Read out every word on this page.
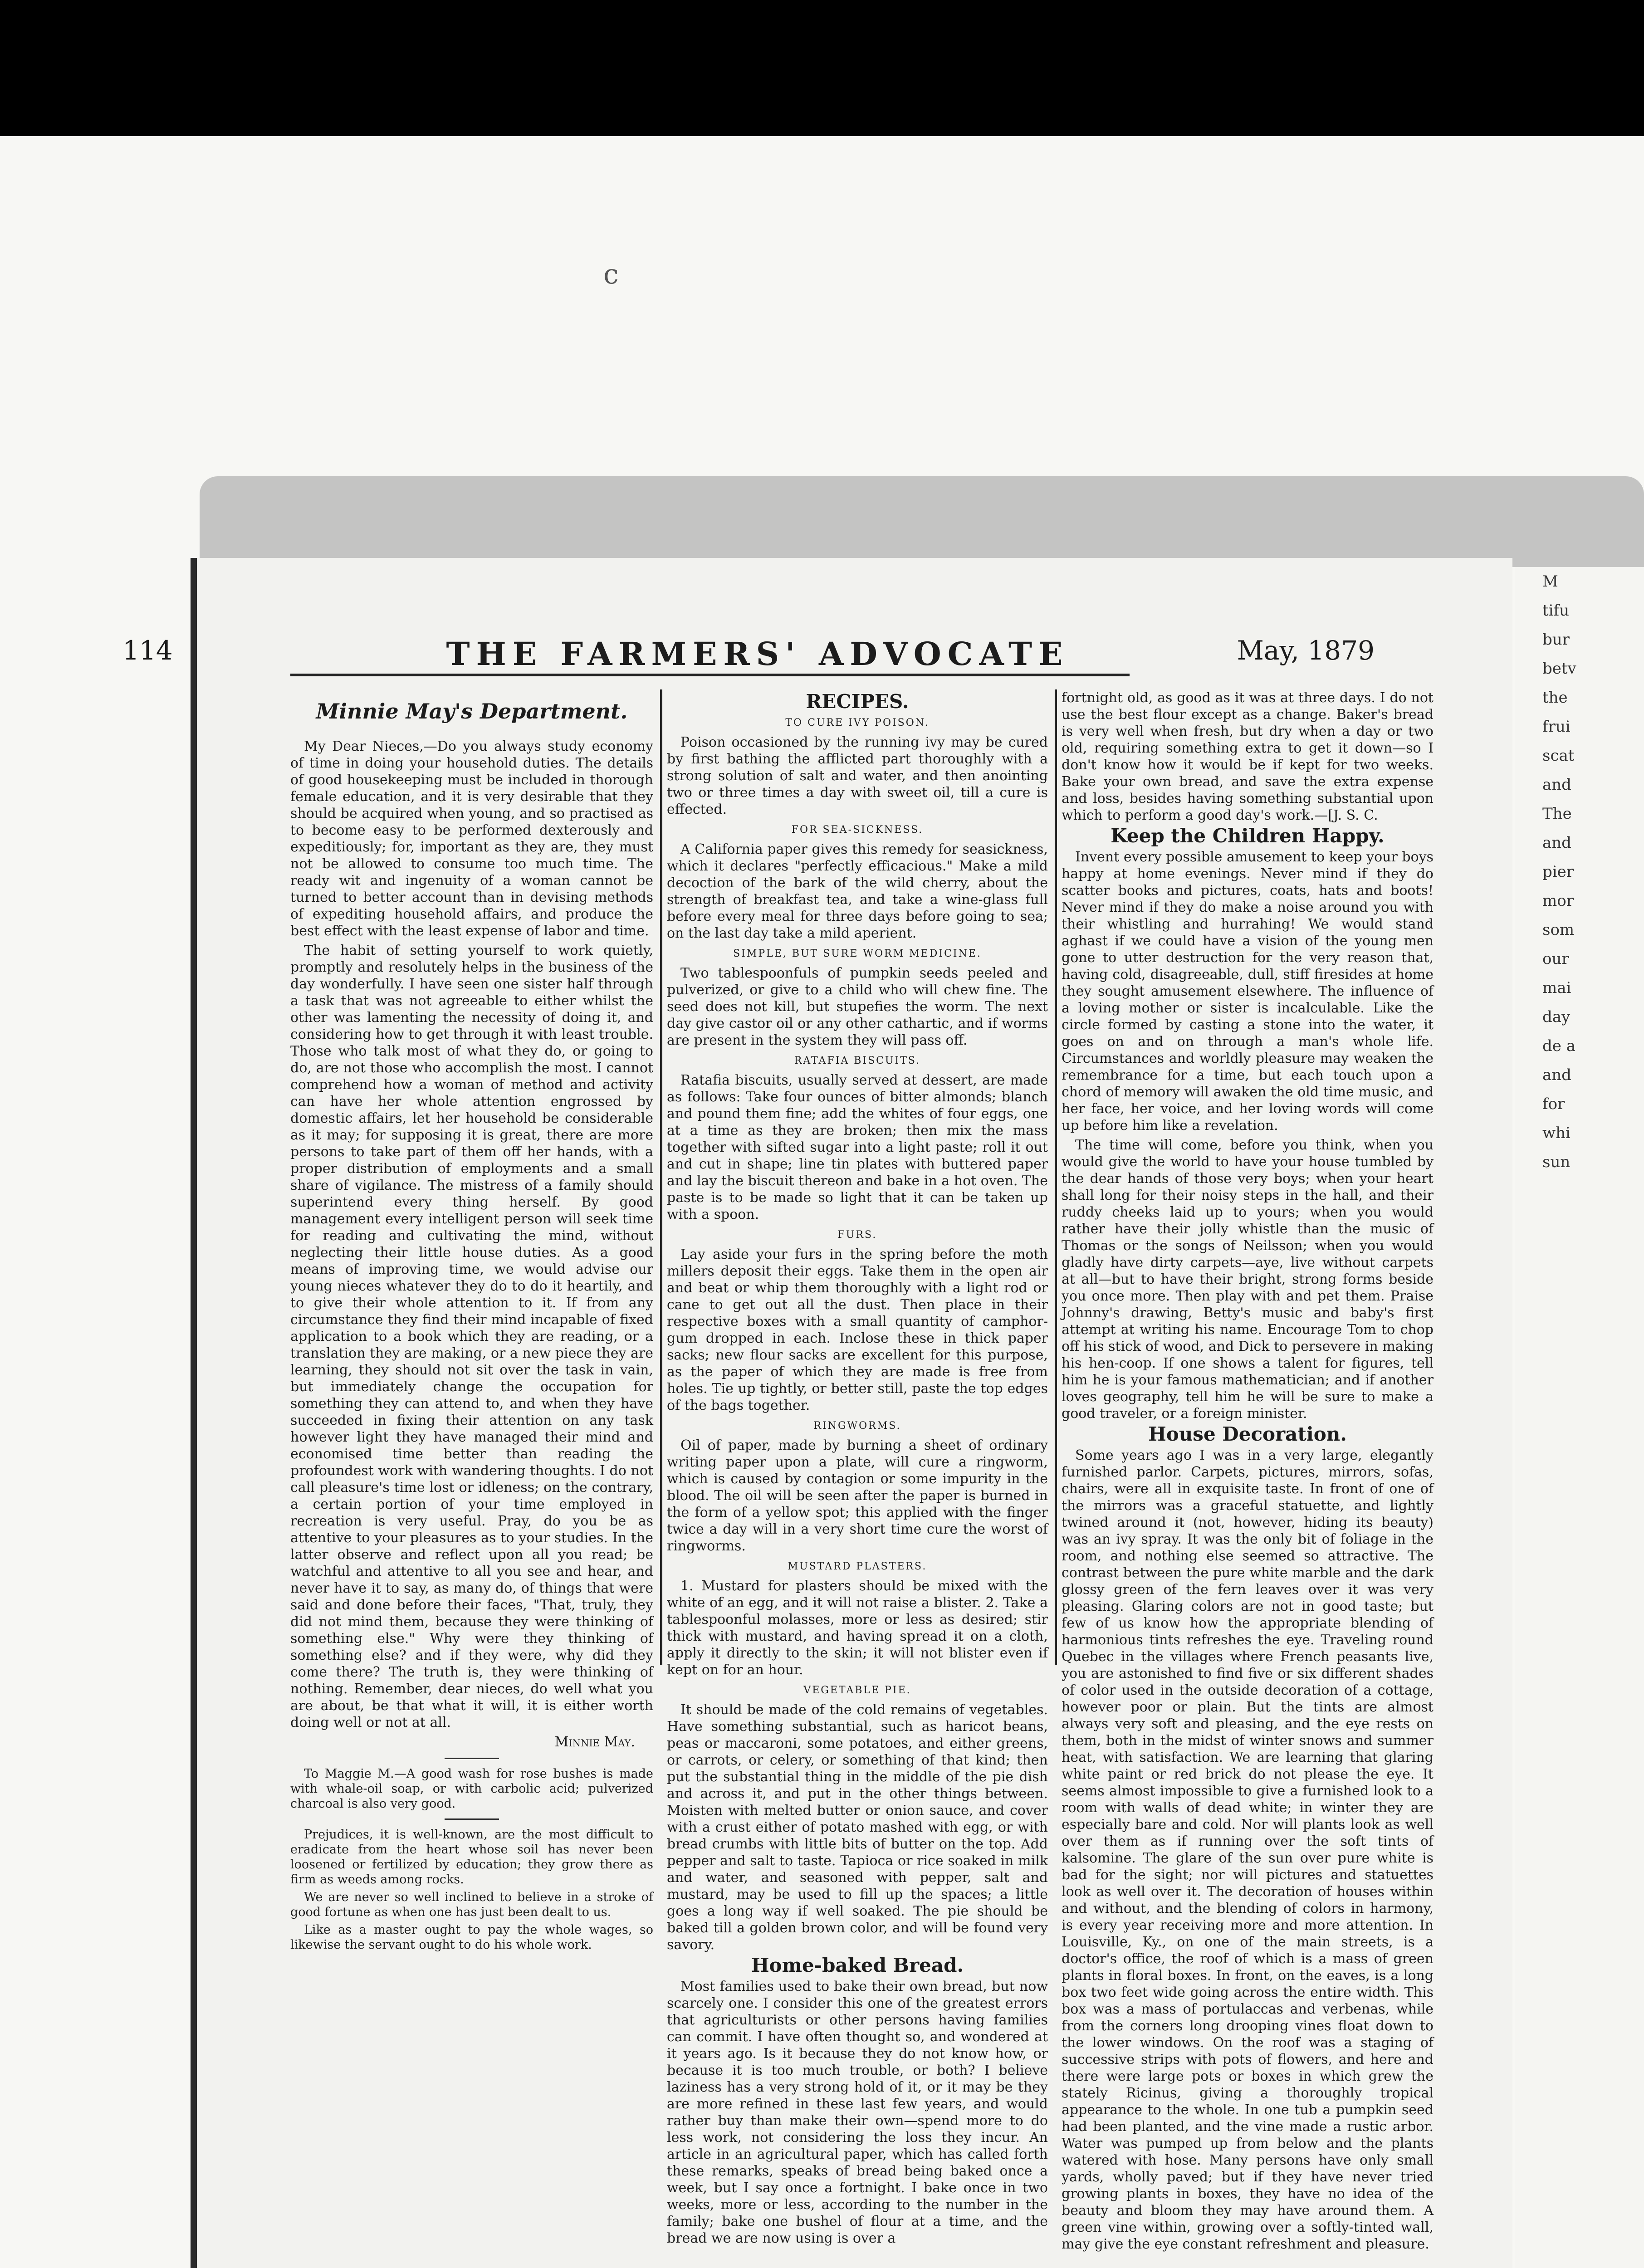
c
M
tifu
bur
betv
the
frui
scat
and
The
and
pier
mor
som
our
mai
day
de a
and
for
whi
sun
114	THE FARMERS' ADVOCATE	May, 1879
Minnie May's Department.

My Dear Nieces,—Do you always study economy of time in doing your household duties. The details of good housekeeping must be included in thorough female education, and it is very desirable that they should be acquired when young, and so practised as to become easy to be performed dexterously and expeditiously; for, important as they are, they must not be allowed to consume too much time. The ready wit and ingenuity of a woman cannot be turned to better account than in devising methods of expediting household affairs, and produce the best effect with the least expense of labor and time.

The habit of setting yourself to work quietly, promptly and resolutely helps in the business of the day wonderfully. I have seen one sister half through a task that was not agreeable to either whilst the other was lamenting the necessity of doing it, and considering how to get through it with least trouble. Those who talk most of what they do, or going to do, are not those who accomplish the most. I cannot comprehend how a woman of method and activity can have her whole attention engrossed by domestic affairs, let her household be considerable as it may; for supposing it is great, there are more persons to take part of them off her hands, with a proper distribution of employments and a small share of vigilance. The mistress of a family should superintend every thing herself. By good management every intelligent person will seek time for reading and cultivating the mind, without neglecting their little house duties. As a good means of improving time, we would advise our young nieces whatever they do to do it heartily, and to give their whole attention to it. If from any circumstance they find their mind incapable of fixed application to a book which they are reading, or a translation they are making, or a new piece they are learning, they should not sit over the task in vain, but immediately change the occupation for something they can attend to, and when they have succeeded in fixing their attention on any task however light they have managed their mind and economised time better than reading the profoundest work with wandering thoughts. I do not call pleasure's time lost or idleness; on the contrary, a certain portion of your time employed in recreation is very useful. Pray, do you be as attentive to your pleasures as to your studies. In the latter observe and reflect upon all you read; be watchful and attentive to all you see and hear, and never have it to say, as many do, of things that were said and done before their faces, "That, truly, they did not mind them, because they were thinking of something else." Why were they thinking of something else? and if they were, why did they come there? The truth is, they were thinking of nothing. Remember, dear nieces, do well what you are about, be that what it will, it is either worth doing well or not at all.

Minnie May.

To Maggie M.—A good wash for rose bushes is made with whale-oil soap, or with carbolic acid; pulverized charcoal is also very good.

Prejudices, it is well-known, are the most difficult to eradicate from the heart whose soil has never been loosened or fertilized by education; they grow there as firm as weeds among rocks.

We are never so well inclined to believe in a stroke of good fortune as when one has just been dealt to us.

Like as a master ought to pay the whole wages, so likewise the servant ought to do his whole work.

RECIPES.
TO CURE IVY POISON.

Poison occasioned by the running ivy may be cured by first bathing the afflicted part thoroughly with a strong solution of salt and water, and then anointing two or three times a day with sweet oil, till a cure is effected.

FOR SEA-SICKNESS.

A California paper gives this remedy for seasickness, which it declares "perfectly efficacious." Make a mild decoction of the bark of the wild cherry, about the strength of breakfast tea, and take a wine-glass full before every meal for three days before going to sea; on the last day take a mild aperient.

SIMPLE, BUT SURE WORM MEDICINE.

Two tablespoonfuls of pumpkin seeds peeled and pulverized, or give to a child who will chew fine. The seed does not kill, but stupefies the worm. The next day give castor oil or any other cathartic, and if worms are present in the system they will pass off.

RATAFIA BISCUITS.

Ratafia biscuits, usually served at dessert, are made as follows: Take four ounces of bitter almonds; blanch and pound them fine; add the whites of four eggs, one at a time as they are broken; then mix the mass together with sifted sugar into a light paste; roll it out and cut in shape; line tin plates with buttered paper and lay the biscuit thereon and bake in a hot oven. The paste is to be made so light that it can be taken up with a spoon.

FURS.

Lay aside your furs in the spring before the moth millers deposit their eggs. Take them in the open air and beat or whip them thoroughly with a light rod or cane to get out all the dust. Then place in their respective boxes with a small quantity of camphor-gum dropped in each. Inclose these in thick paper sacks; new flour sacks are excellent for this purpose, as the paper of which they are made is free from holes. Tie up tightly, or better still, paste the top edges of the bags together.

RINGWORMS.

Oil of paper, made by burning a sheet of ordinary writing paper upon a plate, will cure a ringworm, which is caused by contagion or some impurity in the blood. The oil will be seen after the paper is burned in the form of a yellow spot; this applied with the finger twice a day will in a very short time cure the worst of ringworms.

MUSTARD PLASTERS.

1. Mustard for plasters should be mixed with the white of an egg, and it will not raise a blister. 2. Take a tablespoonful molasses, more or less as desired; stir thick with mustard, and having spread it on a cloth, apply it directly to the skin; it will not blister even if kept on for an hour.

VEGETABLE PIE.

It should be made of the cold remains of vegetables. Have something substantial, such as haricot beans, peas or maccaroni, some potatoes, and either greens, or carrots, or celery, or something of that kind; then put the substantial thing in the middle of the pie dish and across it, and put in the other things between. Moisten with melted butter or onion sauce, and cover with a crust either of potato mashed with egg, or with bread crumbs with little bits of butter on the top. Add pepper and salt to taste. Tapioca or rice soaked in milk and water, and seasoned with pepper, salt and mustard, may be used to fill up the spaces; a little goes a long way if well soaked. The pie should be baked till a golden brown color, and will be found very savory.

Home-baked Bread.

Most families used to bake their own bread, but now scarcely one. I consider this one of the greatest errors that agriculturists or other persons having families can commit. I have often thought so, and wondered at it years ago. Is it because they do not know how, or because it is too much trouble, or both? I believe laziness has a very strong hold of it, or it may be they are more refined in these last few years, and would rather buy than make their own—spend more to do less work, not considering the loss they incur. An article in an agricultural paper, which has called forth these remarks, speaks of bread being baked once a week, but I say once a fortnight. I bake once in two weeks, more or less, according to the number in the family; bake one bushel of flour at a time, and the bread we are now using is over a

fortnight old, as good as it was at three days. I do not use the best flour except as a change. Baker's bread is very well when fresh, but dry when a day or two old, requiring something extra to get it down—so I don't know how it would be if kept for two weeks. Bake your own bread, and save the extra expense and loss, besides having something substantial upon which to perform a good day's work.—[J. S. C.

Keep the Children Happy.

Invent every possible amusement to keep your boys happy at home evenings. Never mind if they do scatter books and pictures, coats, hats and boots! Never mind if they do make a noise around you with their whistling and hurrahing! We would stand aghast if we could have a vision of the young men gone to utter destruction for the very reason that, having cold, disagreeable, dull, stiff firesides at home they sought amusement elsewhere. The influence of a loving mother or sister is incalculable. Like the circle formed by casting a stone into the water, it goes on and on through a man's whole life. Circumstances and worldly pleasure may weaken the remembrance for a time, but each touch upon a chord of memory will awaken the old time music, and her face, her voice, and her loving words will come up before him like a revelation.

The time will come, before you think, when you would give the world to have your house tumbled by the dear hands of those very boys; when your heart shall long for their noisy steps in the hall, and their ruddy cheeks laid up to yours; when you would rather have their jolly whistle than the music of Thomas or the songs of Neilsson; when you would gladly have dirty carpets—aye, live without carpets at all—but to have their bright, strong forms beside you once more. Then play with and pet them. Praise Johnny's drawing, Betty's music and baby's first attempt at writing his name. Encourage Tom to chop off his stick of wood, and Dick to persevere in making his hen-coop. If one shows a talent for figures, tell him he is your famous mathematician; and if another loves geography, tell him he will be sure to make a good traveler, or a foreign minister.

House Decoration.

Some years ago I was in a very large, elegantly furnished parlor. Carpets, pictures, mirrors, sofas, chairs, were all in exquisite taste. In front of one of the mirrors was a graceful statuette, and lightly twined around it (not, however, hiding its beauty) was an ivy spray. It was the only bit of foliage in the room, and nothing else seemed so attractive. The contrast between the pure white marble and the dark glossy green of the fern leaves over it was very pleasing. Glaring colors are not in good taste; but few of us know how the appropriate blending of harmonious tints refreshes the eye. Traveling round Quebec in the villages where French peasants live, you are astonished to find five or six different shades of color used in the outside decoration of a cottage, however poor or plain. But the tints are almost always very soft and pleasing, and the eye rests on them, both in the midst of winter snows and summer heat, with satisfaction. We are learning that glaring white paint or red brick do not please the eye. It seems almost impossible to give a furnished look to a room with walls of dead white; in winter they are especially bare and cold. Nor will plants look as well over them as if running over the soft tints of kalsomine. The glare of the sun over pure white is bad for the sight; nor will pictures and statuettes look as well over it. The decoration of houses within and without, and the blending of colors in harmony, is every year receiving more and more attention. In Louisville, Ky., on one of the main streets, is a doctor's office, the roof of which is a mass of green plants in floral boxes. In front, on the eaves, is a long box two feet wide going across the entire width. This box was a mass of portulaccas and verbenas, while from the corners long drooping vines float down to the lower windows. On the roof was a staging of successive strips with pots of flowers, and here and there were large pots or boxes in which grew the stately Ricinus, giving a thoroughly tropical appearance to the whole. In one tub a pumpkin seed had been planted, and the vine made a rustic arbor. Water was pumped up from below and the plants watered with hose. Many persons have only small yards, wholly paved; but if they have never tried growing plants in boxes, they have no idea of the beauty and bloom they may have around them. A green vine within, growing over a softly-tinted wall, may give the eye constant refreshment and pleasure.
